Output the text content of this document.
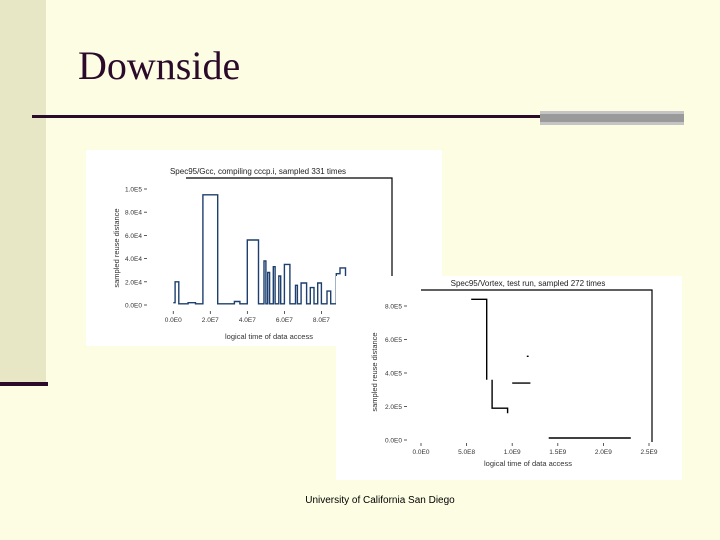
Downside
Spec95/Gcc, compiling cccp.i, sampled 331 times
0.0E0
2.0E4
4.0E4
6.0E4
8.0E4
1.0E5
0.0E0	2.0E7	4.0E7	6.0E7	8.0E7
logical time of data access
sampled reuse distance	Spec95/Vortex, test run, sampled 272 times
0.0E0
2.0E5
4.0E5
6.0E5
8.0E5
0.0E0	5.0E8	1.0E9	1.5E9	2.0E9	2.5E9
logical time of data access
sampled reuse distance
University of California San Diego
